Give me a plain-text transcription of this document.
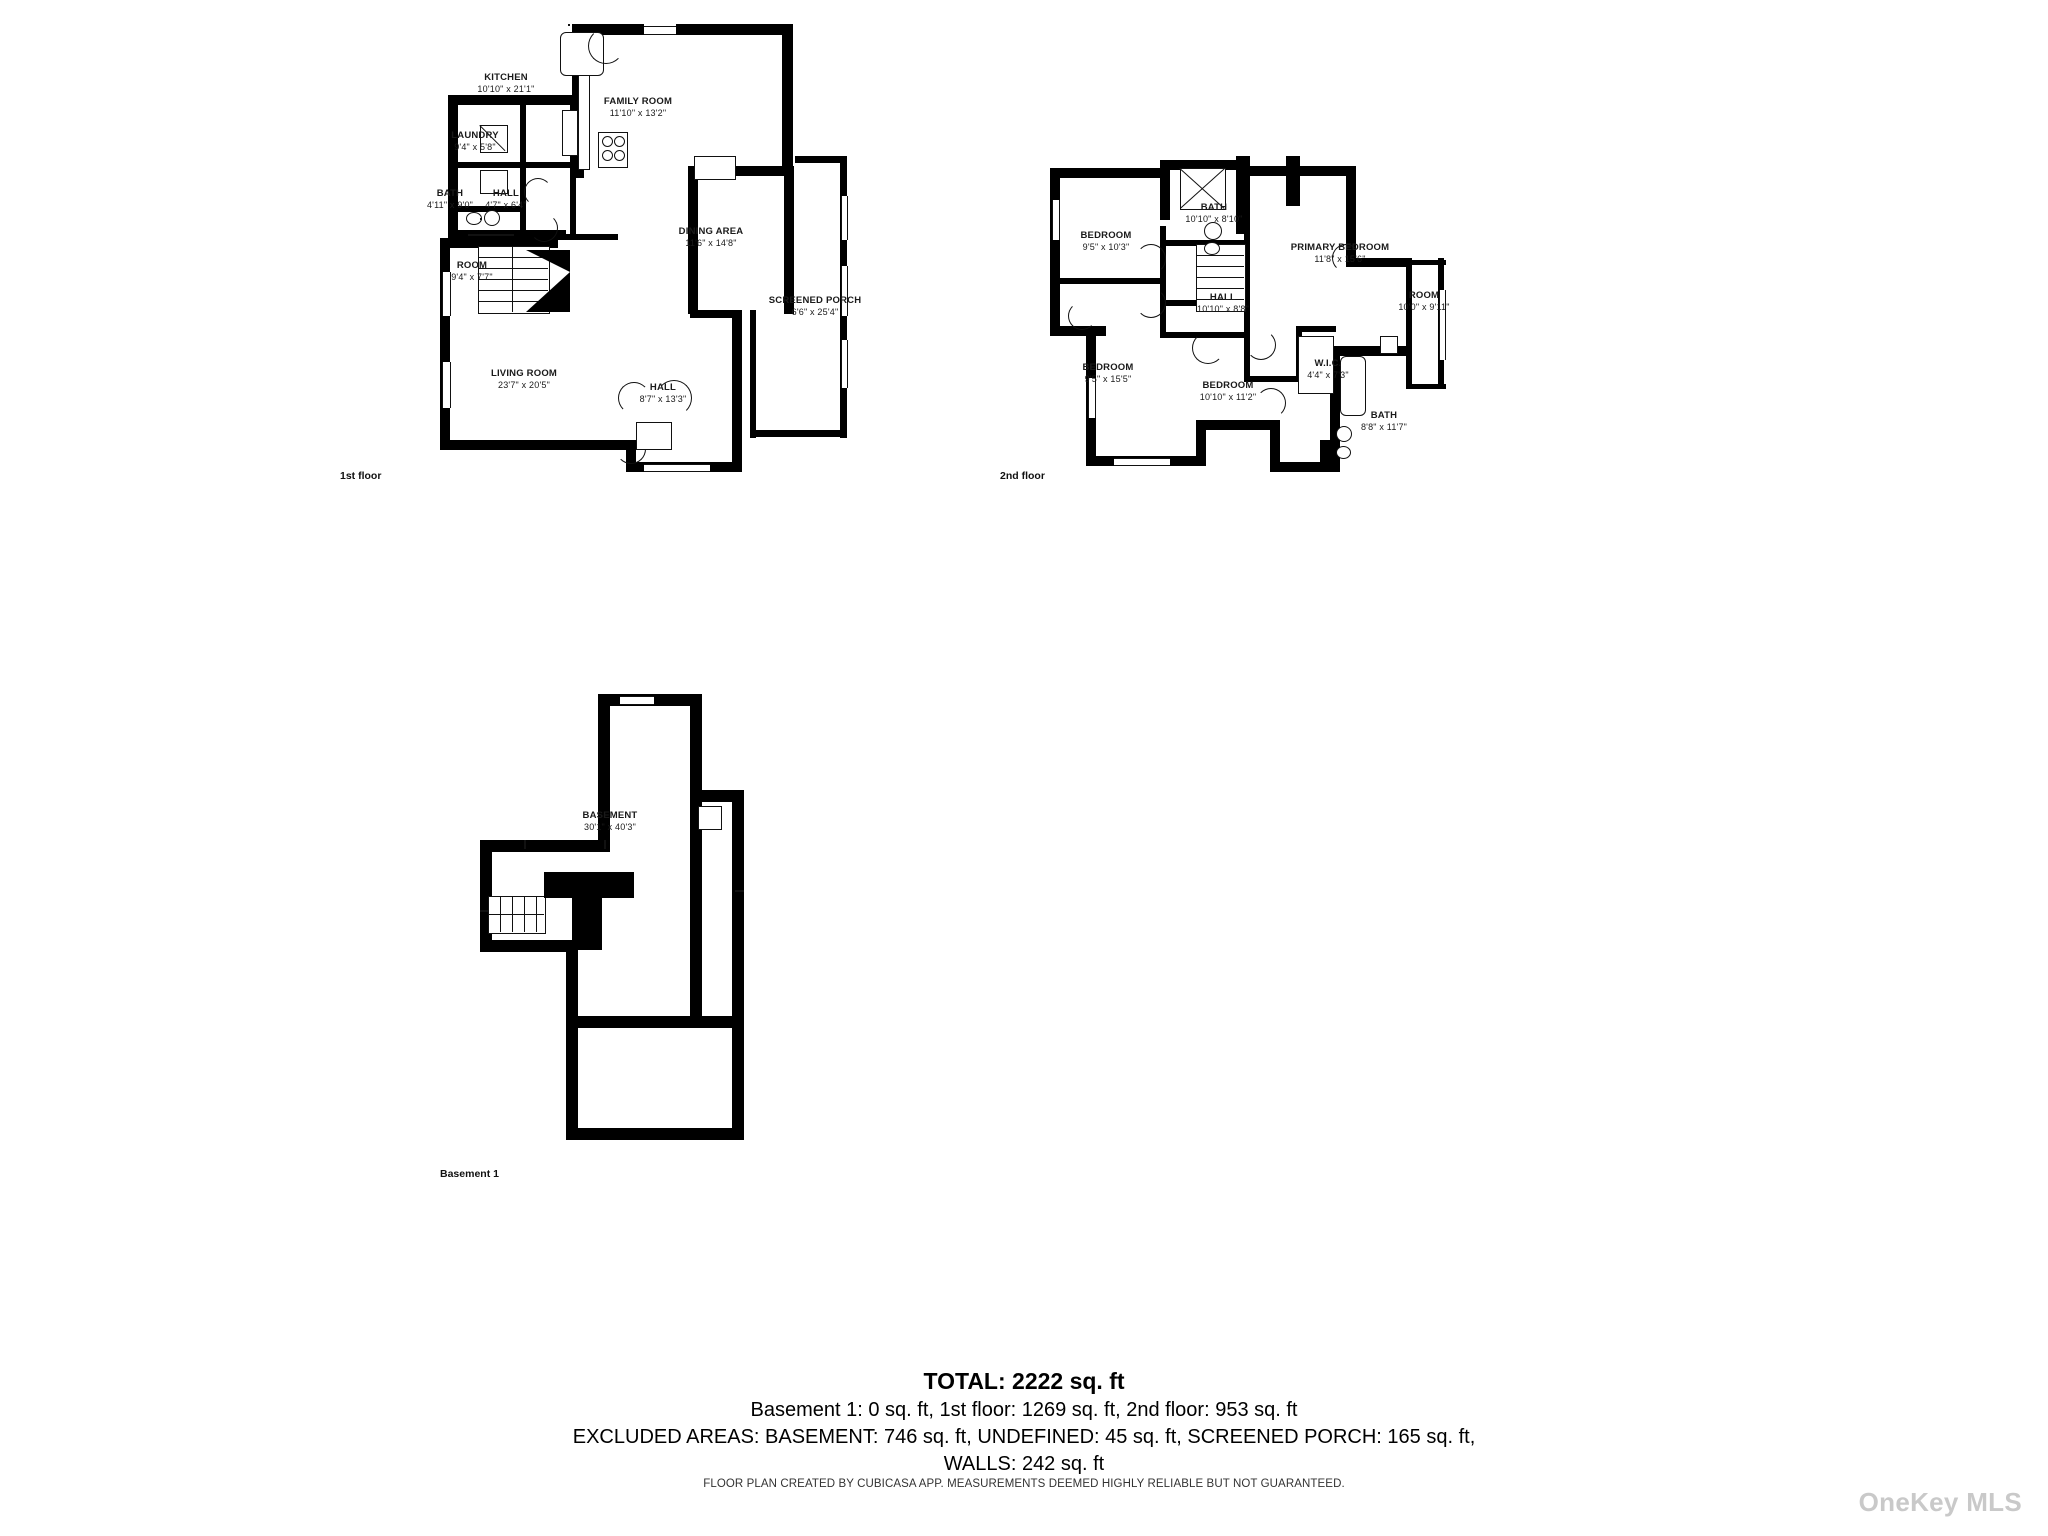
KITCHEN
10'10" x 21'1"
FAMILY ROOM
11'10" x 13'2"
LAUNDRY
9'4" x 5'8"
BATH
4'11" x 9'0"
HALL
4'7" x 6'4"
ROOM
9'4" x 7'7"
DINING AREA
11'6" x 14'8"
SCREENED PORCH
6'6" x 25'4"
LIVING ROOM
23'7" x 20'5"	HALL
8'7" x 13'3"
1st floor
BEDROOM
9'5" x 10'3"
BATH
10'10" x 8'10"
PRIMARY BEDROOM
11'8" x 15'6"
ROOM
10'0" x 9'11"
HALL
10'10" x 8'8"
BEDROOM
9'5" x 15'5"
BEDROOM
10'10" x 11'2"
W.I.C.
4'4" x 7'3"
BATH
8'8" x 11'7"
2nd floor
BASEMENT
30'1" x 40'3"
Basement 1
TOTAL: 2222 sq. ft
Basement 1: 0 sq. ft, 1st floor: 1269 sq. ft, 2nd floor: 953 sq. ft
EXCLUDED AREAS: BASEMENT: 746 sq. ft, UNDEFINED: 45 sq. ft, SCREENED PORCH: 165 sq. ft,
WALLS: 242 sq. ft
FLOOR PLAN CREATED BY CUBICASA APP. MEASUREMENTS DEEMED HIGHLY RELIABLE BUT NOT GUARANTEED.
OneKey MLS
